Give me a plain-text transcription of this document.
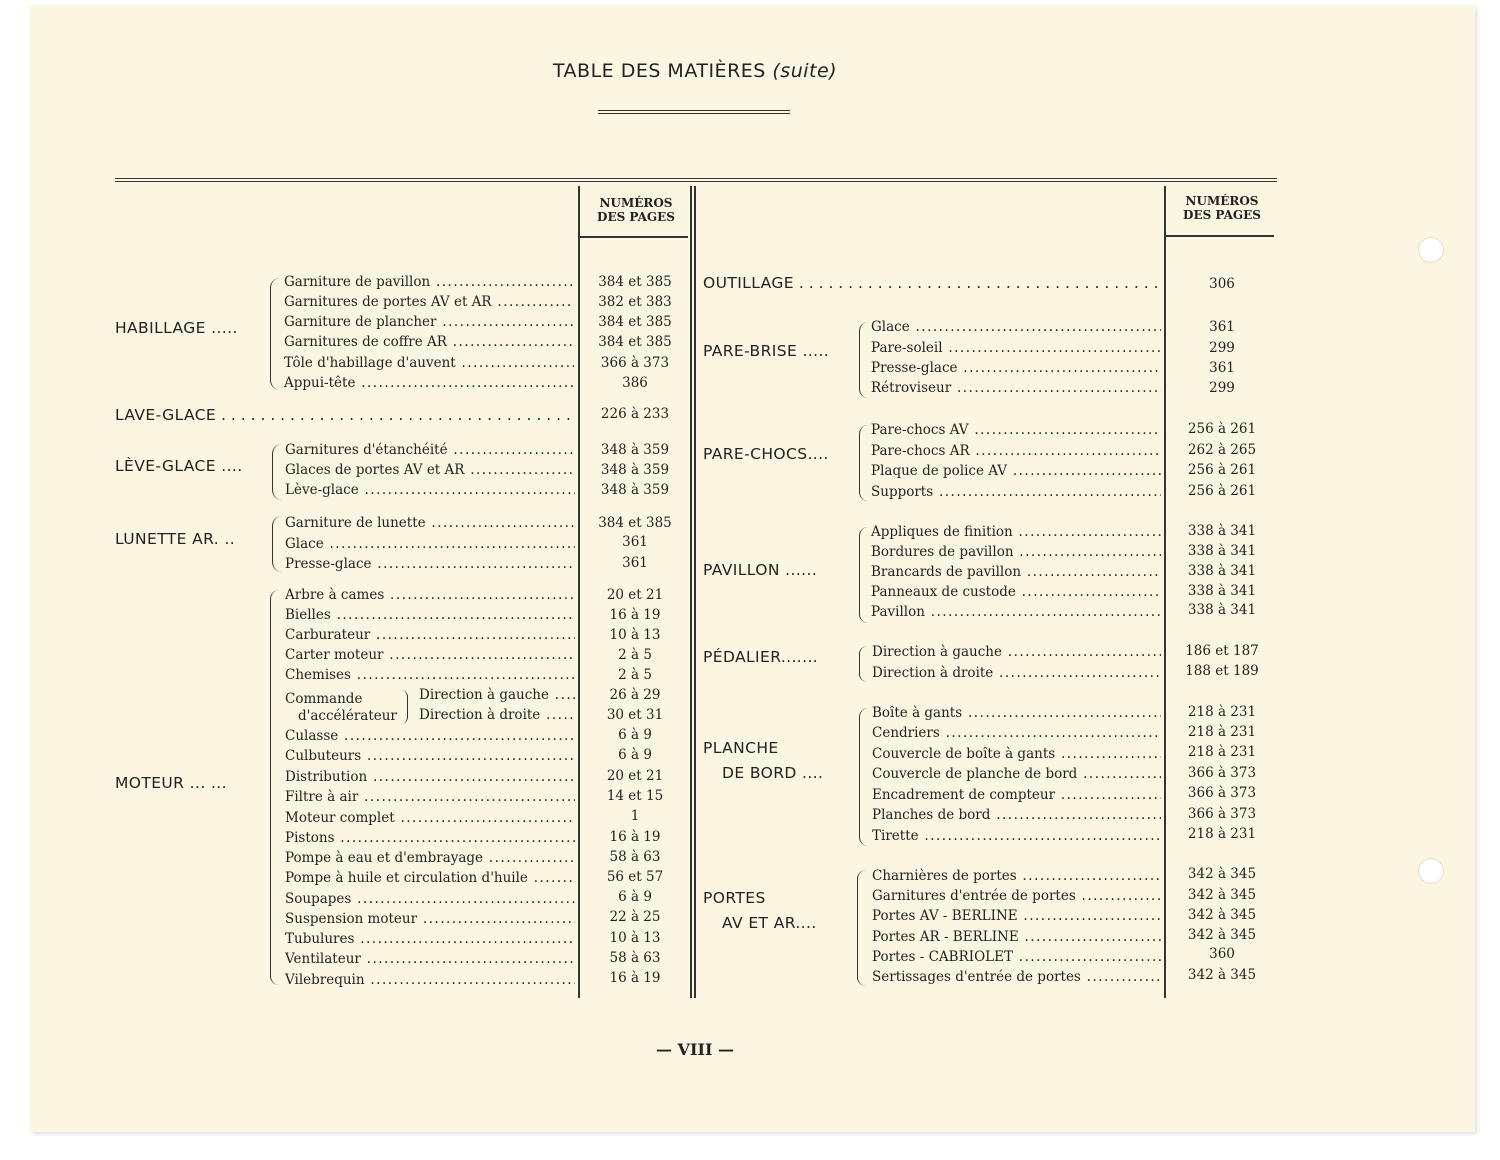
TABLE DES MATIÈRES (suite)
NUMÉROS
DES PAGES
NUMÉROS
DES PAGES
HABILLAGE .....
Garniture de pavillon .....	384 et 385
Garnitures de portes AV et AR .....	382 et 383
Garniture de plancher .....	384 et 385
Garnitures de coffre AR .....	384 et 385
Tôle d'habillage d'auvent .....	366 à 373
Appui-tête .....	386
LAVE-GLACE . . .	226 à 233
LÈVE-GLACE ....
Garnitures d'étanchéité .....	348 à 359
Glaces de portes AV et AR .....	348 à 359
Lève-glace .....	348 à 359
LUNETTE AR. ..
Garniture de lunette .....	384 et 385
Glace .....	361
Presse-glace .....	361
MOTEUR ... ...
Arbre à cames .....	20 et 21
Bielles .....	16 à 19
Carburateur .....	10 à 13
Carter moteur .....	2 à 5
Chemises .....	2 à 5
Commande
d'accélérateur
Direction à gauche .....	26 à 29
Direction à droite .....	30 et 31
Culasse .....	6 à 9
Culbuteurs .....	6 à 9
Distribution .....	20 et 21
Filtre à air .....	14 et 15
Moteur complet .....	1
Pistons .....	16 à 19
Pompe à eau et d'embrayage .....	58 à 63
Pompe à huile et circulation d'huile .....	56 et 57
Soupapes .....	6 à 9
Suspension moteur .....	22 à 25
Tubulures .....	10 à 13
Ventilateur .....	58 à 63
Vilebrequin .....	16 à 19
OUTILLAGE . . .	306
PARE-BRISE .....
Glace .....	361
Pare-soleil .....	299
Presse-glace .....	361
Rétroviseur .....	299
PARE-CHOCS....
Pare-chocs AV .....	256 à 261
Pare-chocs AR .....	262 à 265
Plaque de police AV .....	256 à 261
Supports .....	256 à 261
PAVILLON ......
Appliques de finition .....	338 à 341
Bordures de pavillon .....	338 à 341
Brancards de pavillon .....	338 à 341
Panneaux de custode .....	338 à 341
Pavillon .....	338 à 341
PÉDALIER.......	Direction à gauche .....	186 et 187
Direction à droite .....	188 et 189
PLANCHE
DE BORD ....
Boîte à gants .....	218 à 231
Cendriers .....	218 à 231
Couvercle de boîte à gants .....	218 à 231
Couvercle de planche de bord .....	366 à 373
Encadrement de compteur .....	366 à 373
Planches de bord .....	366 à 373
Tirette .....	218 à 231
PORTES
AV ET AR....
Charnières de portes .....	342 à 345
Garnitures d'entrée de portes .....	342 à 345
Portes AV - BERLINE .....	342 à 345
Portes AR - BERLINE .....	342 à 345
Portes - CABRIOLET .....	360
Sertissages d'entrée de portes .....	342 à 345
— VIII —
